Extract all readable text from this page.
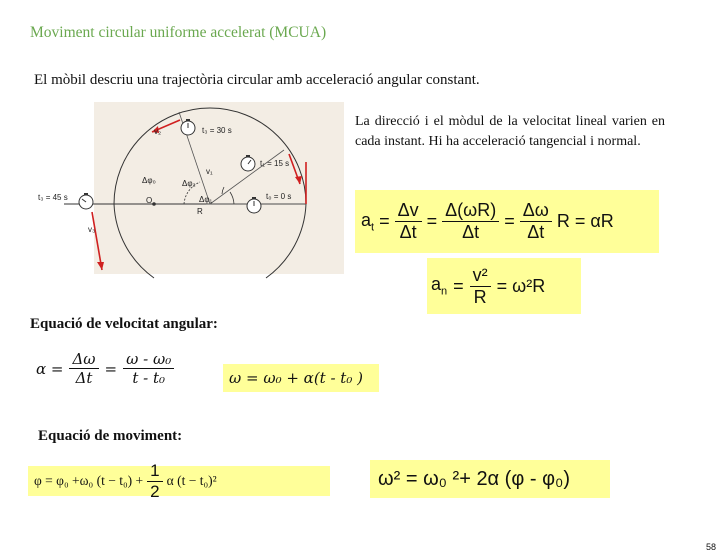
Moviment circular uniforme accelerat (MCUA)
El mòbil descriu una trajectòria circular amb acceleració angular constant.
t₃ = 30 s
t₁ = 15 s
t₀ = 0 s
t₃ = 45 s
v₂
v₁
v₃
Δφ₀	Δφ₂
Δφ₁
O
R
La direcció i el mòdul de la velocitat lineal varien en cada instant. Hi ha acceleració tangencial i normal.
$a_t = \frac{\Delta v}{\Delta t} = \frac{\Delta(\omega R)}{\Delta t} = \frac{\Delta\omega}{\Delta t}$ R = αR
$a_n = \frac{\text{v²}}{R} = \omega^2R$
Equació de velocitat angular:
$\alpha = \frac{\Delta\omega}{\Delta t} = \frac{\text{ω - ω₀}}{\text{t - t₀}}$	ω = ω₀ + α(t - t₀ )
Equació de moviment:
φ = φ₀ +ω₀ $(t - t_0) + \frac{1}{2}$ α (t − t₀)²	ω² = ω₀ ²+ 2α (φ - φ₀)
58
